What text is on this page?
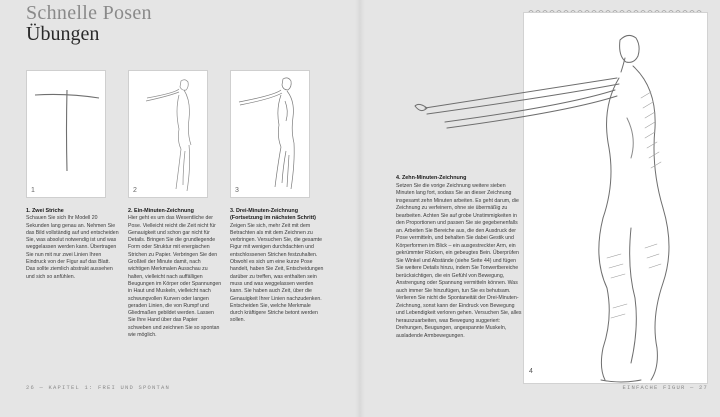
Schnelle Posen
Übungen
1	2	3
1. Zwei Striche

Schauen Sie sich Ihr Modell 20 Sekunden lang genau an. Nehmen Sie das Bild vollständig auf und entscheiden Sie, was absolut notwendig ist und was weggelassen werden kann. Übertragen Sie nun mit nur zwei Linien Ihren Eindruck von der Figur auf das Blatt. Das sollte ziemlich abstrakt aussehen und sich so anfühlen.

2. Ein-Minuten-Zeichnung

Hier geht es um das Wesentliche der Pose. Vielleicht reicht die Zeit nicht für Genauigkeit und schon gar nicht für Details. Bringen Sie die grundlegende Form oder Struktur mit energischen Strichen zu Papier. Verbringen Sie den Großteil der Minute damit, nach wichtigen Merkmalen Ausschau zu halten, vielleicht nach auffälligen Beugungen im Körper oder Spannungen in Haut und Muskeln, vielleicht nach schwungvollen Kurven oder langen geraden Linien, die von Rumpf und Gliedmaßen gebildet werden. Lassen Sie Ihre Hand über das Papier schweben und zeichnen Sie so spontan wie möglich.

3. Drei-Minuten-Zeichnung (Fortsetzung im nächsten Schritt)

Zeigen Sie sich, mehr Zeit mit dem Betrachten als mit dem Zeichnen zu verbringen. Versuchen Sie, die gesamte Figur mit wenigen durchdachten und entschlossenen Strichen festzuhalten. Obwohl es sich um eine kurze Pose handelt, haben Sie Zeit, Entscheidungen darüber zu treffen, was enthalten sein muss und was weggelassen werden kann. Sie haben auch Zeit, über die Genauigkeit Ihrer Linien nachzudenken. Entscheiden Sie, welche Merkmale durch kräftigere Striche betont werden sollen.

4. Zehn-Minuten-Zeichnung

Setzen Sie die vorige Zeichnung weitere sieben Minuten lang fort, sodass Sie an dieser Zeichnung insgesamt zehn Minuten arbeiten. Es geht darum, die Zeichnung zu verfeinern, ohne sie übermäßig zu bearbeiten. Achten Sie auf grobe Unstimmigkeiten in den Proportionen und passen Sie sie gegebenenfalls an. Arbeiten Sie Bereiche aus, die den Ausdruck der Pose vermitteln, und behalten Sie dabei Gestik und Körperformen im Blick – ein ausgestreckter Arm, ein gekrümmter Rücken, ein gebeugtes Bein. Überprüfen Sie Winkel und Abstände (siehe Seite 44) und fügen Sie weitere Details hinzu, indem Sie Tonwertbereiche berücksichtigen, die ein Gefühl von Bewegung, Anstrengung oder Spannung vermitteln können. Was auch immer Sie hinzufügen, tun Sie es behutsam. Verlieren Sie nicht die Spontaneität der Drei-Minuten-Zeichnung, sonst kann der Eindruck von Bewegung und Lebendigkeit verloren gehen. Versuchen Sie, alles herauszuarbeiten, was Bewegung suggeriert: Drehungen, Beugungen, angespannte Muskeln, ausladende Armbewegungen.

4
26 — KAPITEL 1: FREI UND SPONTAN	EINFACHE FIGUR — 27
